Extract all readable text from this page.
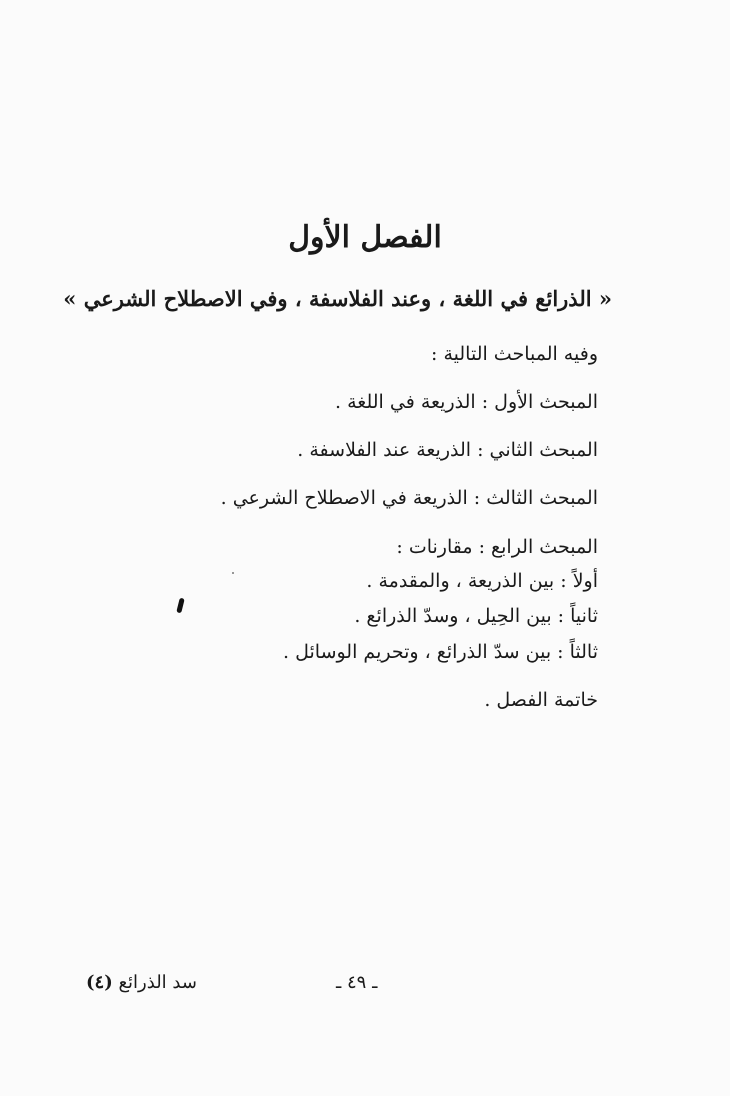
الفصل الأول
« الذرائع في اللغة ، وعند الفلاسفة ، وفي الاصطلاح الشرعي »
وفيه المباحث التالية :
المبحث الأول : الذريعة في اللغة .
المبحث الثاني : الذريعة عند الفلاسفة .
المبحث الثالث : الذريعة في الاصطلاح الشرعي .
المبحث الرابع : مقارنات :
أولاً : بين الذريعة ، والمقدمة .
ثانياً : بين الحِيل ، وسدّ الذرائع .
ثالثاً : بين سدّ الذرائع ، وتحريم الوسائل .
خاتمة الفصل .
سد الذرائع (٤)	ـ ٤٩ ـ
